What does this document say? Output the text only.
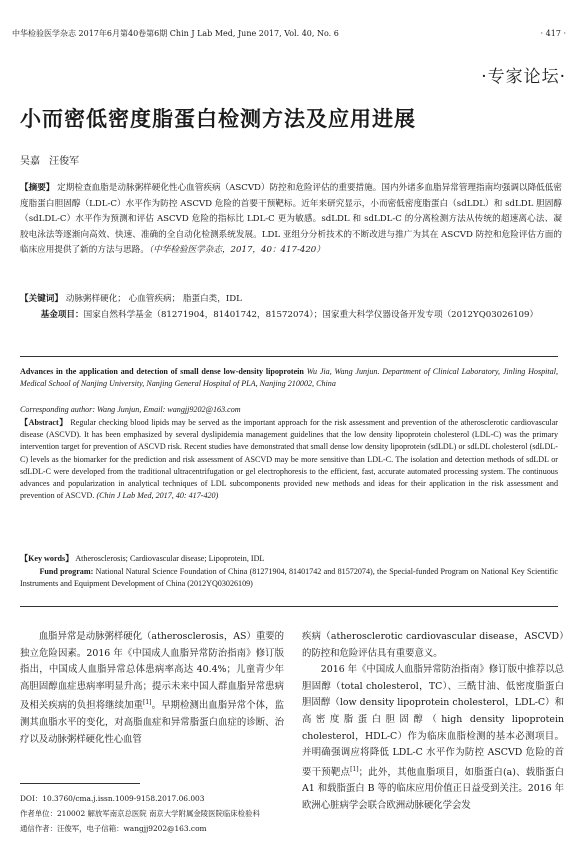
中华检验医学杂志 2017年6月第40卷第6期 Chin J Lab Med, June 2017, Vol. 40, No. 6	· 417 ·
·专家论坛·
小而密低密度脂蛋白检测方法及应用进展
吴嘉 汪俊军
【摘要】 定期检查血脂是动脉粥样硬化性心血管疾病（ASCVD）防控和危险评估的重要措施。国内外诸多血脂异常管理指南均强调以降低低密度脂蛋白胆固醇（LDL-C）水平作为防控 ASCVD 危险的首要干预靶标。近年来研究显示，小而密低密度脂蛋白（sdLDL）和 sdLDL 胆固醇（sdLDL-C）水平作为预测和评估 ASCVD 危险的指标比 LDL-C 更为敏感。sdLDL 和 sdLDL-C 的分离检测方法从传统的超速离心法、凝胶电泳法等逐渐向高效、快速、准确的全自动化检测系统发展。LDL 亚组分分析技术的不断改进与推广为其在 ASCVD 防控和危险评估方面的临床应用提供了新的方法与思路。（中华检验医学杂志，2017，40：417-420）
【关键词】 动脉粥样硬化； 心血管疾病； 脂蛋白类，IDL
基金项目：国家自然科学基金（81271904，81401742，81572074）；国家重大科学仪器设备开发专项（2012YQ03026109）
Advances in the application and detection of small dense low-density lipoprotein Wu Jia, Wang Junjun. Department of Clinical Laboratory, Jinling Hospital, Medical School of Nanjing University, Nanjing General Hospital of PLA, Nanjing 210002, China
Corresponding author: Wang Junjun, Email: wangjj9202@163.com
【Abstract】 Regular checking blood lipids may be served as the important approach for the risk assessment and prevention of the atherosclerotic cardiovascular disease (ASCVD). It has been emphasized by several dyslipidemia management guidelines that the low density lipoprotein cholesterol (LDL-C) was the primary intervention target for prevention of ASCVD risk. Recent studies have demonstrated that small dense low density lipoprotein (sdLDL) or sdLDL cholesterol (sdLDL-C) levels as the biomarker for the prediction and risk assessment of ASCVD may be more sensitive than LDL-C. The isolation and detection methods of sdLDL or sdLDL-C were developed from the traditional ultracentrifugation or gel electrophoresis to the efficient, fast, accurate automated processing system. The continuous advances and popularization in analytical techniques of LDL subcomponents provided new methods and ideas for their application in the risk assessment and prevention of ASCVD. (Chin J Lab Med, 2017, 40: 417-420)
【Key words】 Atherosclerosis; Cardiovascular disease; Lipoprotein, IDL
Fund program: National Natural Science Foundation of China (81271904, 81401742 and 81572074), the Special-funded Program on National Key Scientific Instruments and Equipment Development of China (2012YQ03026109)

血脂异常是动脉粥样硬化（atherosclerosis，AS）重要的独立危险因素。2016 年《中国成人血脂异常防治指南》修订版指出，中国成人血脂异常总体患病率高达 40.4%；儿童青少年高胆固醇血症患病率明显升高；提示未来中国人群血脂异常患病及相关疾病的负担将继续加重[1]。早期检测出血脂异常个体，监测其血脂水平的变化，对高脂血症和异常脂蛋白血症的诊断、治疗以及动脉粥样硬化性心血管

疾病（atherosclerotic cardiovascular disease，ASCVD）的防控和危险评估具有重要意义。

2016 年《中国成人血脂异常防治指南》修订版中推荐以总胆固醇（total cholesterol，TC）、三酰甘油、低密度脂蛋白胆固醇（low density lipoprotein cholesterol，LDL-C）和高密度脂蛋白胆固醇（high density lipoprotein cholesterol，HDL-C）作为临床血脂检测的基本必测项目。并明确强调应将降低 LDL-C 水平作为防控 ASCVD 危险的首要干预靶点[1]；此外，其他血脂项目，如脂蛋白(a)、载脂蛋白 A1 和载脂蛋白 B 等的临床应用价值正日益受到关注。2016 年欧洲心脏病学会联合欧洲动脉硬化学会发

DOI：10.3760/cma.j.issn.1009-9158.2017.06.003
作者单位：210002 解放军南京总医院 南京大学附属金陵医院临床检验科
通信作者：汪俊军，电子信箱：wangjj9202@163.com
